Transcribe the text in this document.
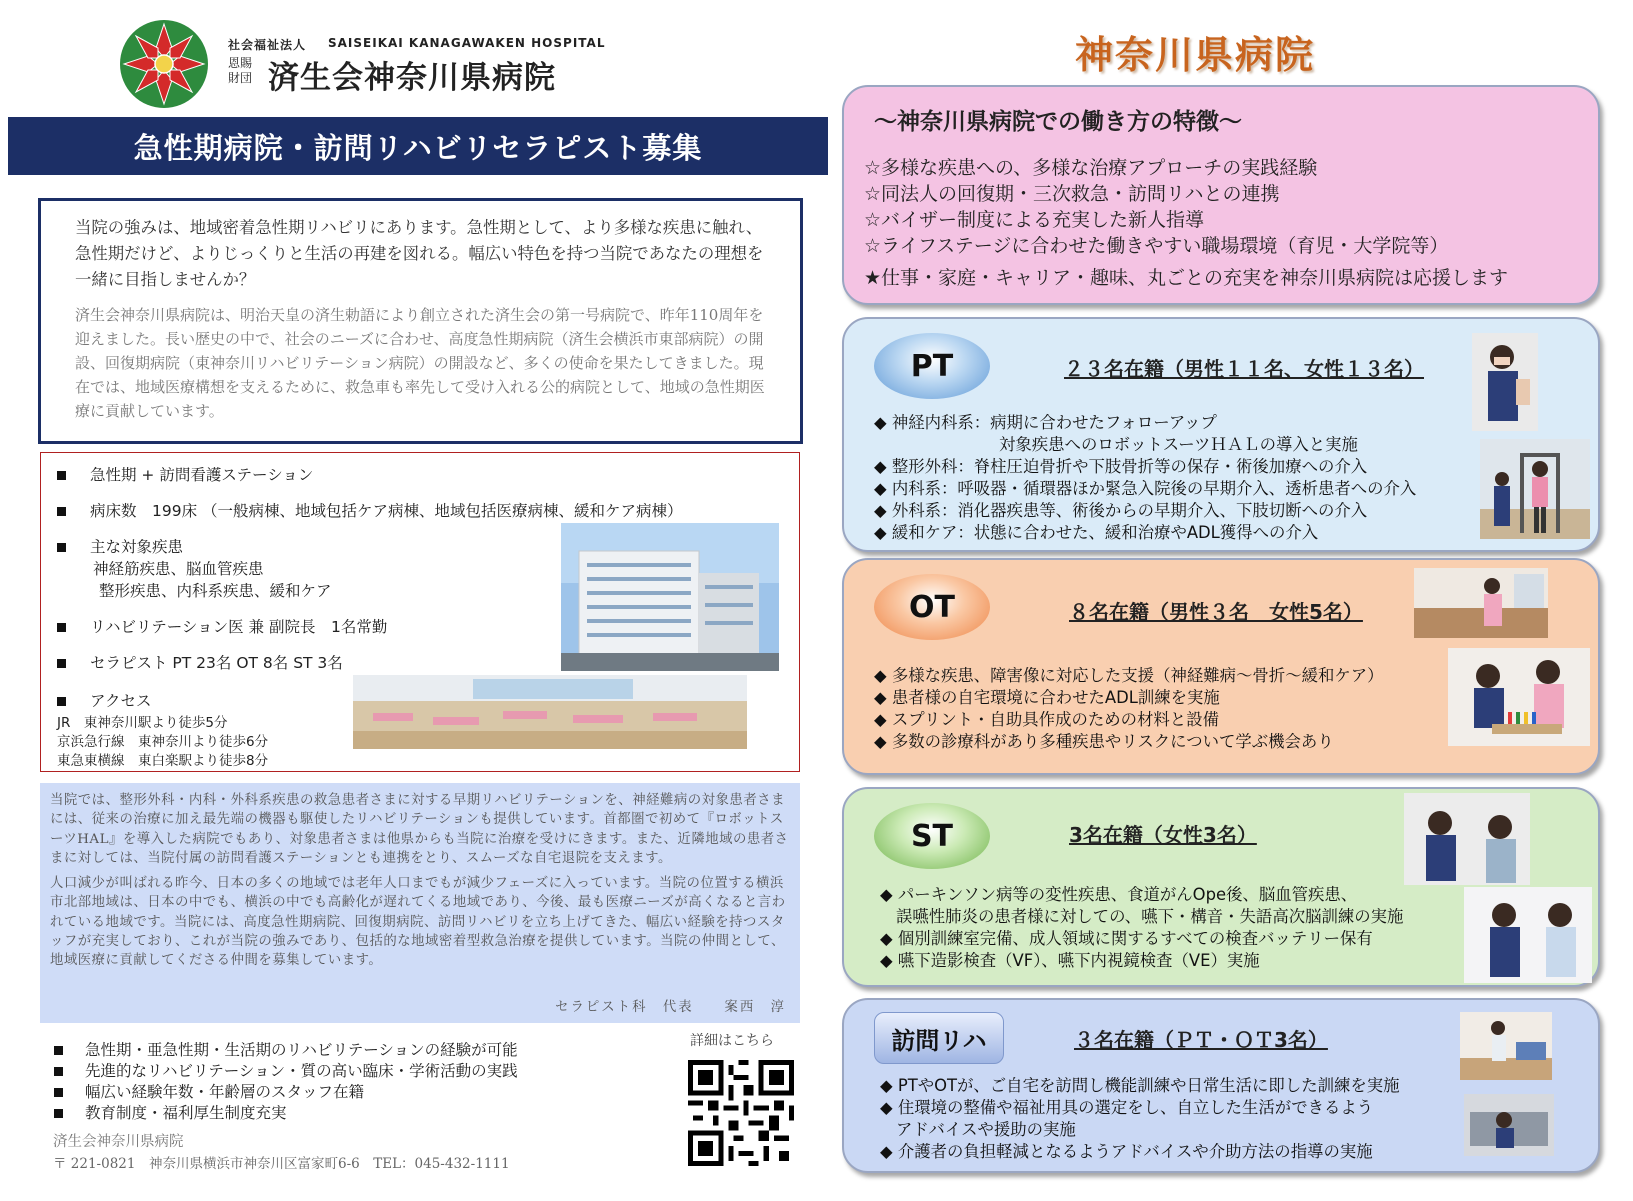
社会福祉法人 SAISEIKAI KANAGAWAKEN HOSPITAL
恩賜 財団 済生会神奈川県病院
急性期病院・訪問リハビリセラピスト募集

当院の強みは、地域密着急性期リハビリにあります。急性期として、より多様な疾患に触れ、急性期だけど、よりじっくりと生活の再建を図れる。幅広い特色を持つ当院であなたの理想を一緒に目指しませんか？

済生会神奈川県病院は、明治天皇の済生勅語により創立された済生会の第一号病院で、昨年110周年を迎えました。長い歴史の中で、社会のニーズに合わせ、高度急性期病院（済生会横浜市東部病院）の開設、回復期病院（東神奈川リハビリテーション病院）の開設など、多くの使命を果たしてきました。現在では、地域医療構想を支えるために、救急車も率先して受け入れる公的病院として、地域の急性期医療に貢献しています。

急性期 + 訪問看護ステーション
病床数　199床 （一般病棟、地域包括ケア病棟、地域包括医療病棟、緩和ケア病棟）
主な対象疾患
神経筋疾患、脳血管疾患
整形疾患、内科系疾患、緩和ケア
リハビリテーション医 兼 副院長　1名常勤
セラピスト PT 23名 OT 8名 ST 3名
アクセス
JR　東神奈川駅より徒歩5分
京浜急行線　東神奈川より徒歩6分
東急東横線　東白楽駅より徒歩8分

当院では、整形外科・内科・外科系疾患の救急患者さまに対する早期リハビリテーションを、神経難病の対象患者さまには、従来の治療に加え最先端の機器も駆使したリハビリテーションも提供しています。首都圏で初めて『ロボットスーツHAL』を導入した病院でもあり、対象患者さまは他県からも当院に治療を受けにきます。また、近隣地域の患者さまに対しては、当院付属の訪問看護ステーションとも連携をとり、スムーズな自宅退院を支えます。

人口減少が叫ばれる昨今、日本の多くの地域では老年人口までもが減少フェーズに入っています。当院の位置する横浜市北部地域は、日本の中でも、横浜の中でも高齢化が遅れてくる地域であり、今後、最も医療ニーズが高くなると言われている地域です。当院には、高度急性期病院、回復期病院、訪問リハビリを立ち上げてきた、幅広い経験を持つスタッフが充実しており、これが当院の強みであり、包括的な地域密着型救急治療を提供しています。当院の仲間として、地域医療に貢献してくださる仲間を募集しています。

セラピスト科　代表　　案西　淳
急性期・亜急性期・生活期のリハビリテーションの経験が可能
先進的なリハビリテーション・質の高い臨床・学術活動の実践
幅広い経験年数・年齢層のスタッフ在籍
教育制度・福利厚生制度充実
詳細はこちら
済生会神奈川県病院
〒 221-0821　神奈川県横浜市神奈川区富家町6-6　TEL：045-432-1111
神奈川県病院
～神奈川県病院での働き方の特徴～
☆多様な疾患への、多様な治療アプローチの実践経験
☆同法人の回復期・三次救急・訪問リハとの連携
☆バイザー制度による充実した新人指導
☆ライフステージに合わせた働きやすい職場環境（育児・大学院等）
★仕事・家庭・キャリア・趣味、丸ごとの充実を神奈川県病院は応援します
PT	２３名在籍（男性１１名、女性１３名）
◆ 神経内科系：病期に合わせたフォローアップ
対象疾患へのロボットスーツＨＡＬの導入と実施
◆ 整形外科：脊柱圧迫骨折や下肢骨折等の保存・術後加療への介入
◆ 内科系：呼吸器・循環器ほか緊急入院後の早期介入、透析患者への介入
◆ 外科系：消化器疾患等、術後からの早期介入、下肢切断への介入
◆ 緩和ケア：状態に合わせた、緩和治療やADL獲得への介入
OT	８名在籍（男性３名　女性5名）
◆ 多様な疾患、障害像に対応した支援（神経難病～骨折～緩和ケア）
◆ 患者様の自宅環境に合わせたADL訓練を実施
◆ スプリント・自助具作成のための材料と設備
◆ 多数の診療科があり多種疾患やリスクについて学ぶ機会あり
ST	3名在籍（女性3名）
◆ パーキンソン病等の変性疾患、食道がんOpe後、脳血管疾患、
誤嚥性肺炎の患者様に対しての、嚥下・構音・失語高次脳訓練の実施
◆ 個別訓練室完備、成人領域に関するすべての検査バッテリー保有
◆ 嚥下造影検査（VF）、嚥下内視鏡検査（VE）実施
訪問リハ	３名在籍（ＰＴ・ＯＴ3名）
◆ PTやOTが、ご自宅を訪問し機能訓練や日常生活に即した訓練を実施
◆ 住環境の整備や福祉用具の選定をし、自立した生活ができるよう
アドバイスや援助の実施
◆ 介護者の負担軽減となるようアドバイスや介助方法の指導の実施
